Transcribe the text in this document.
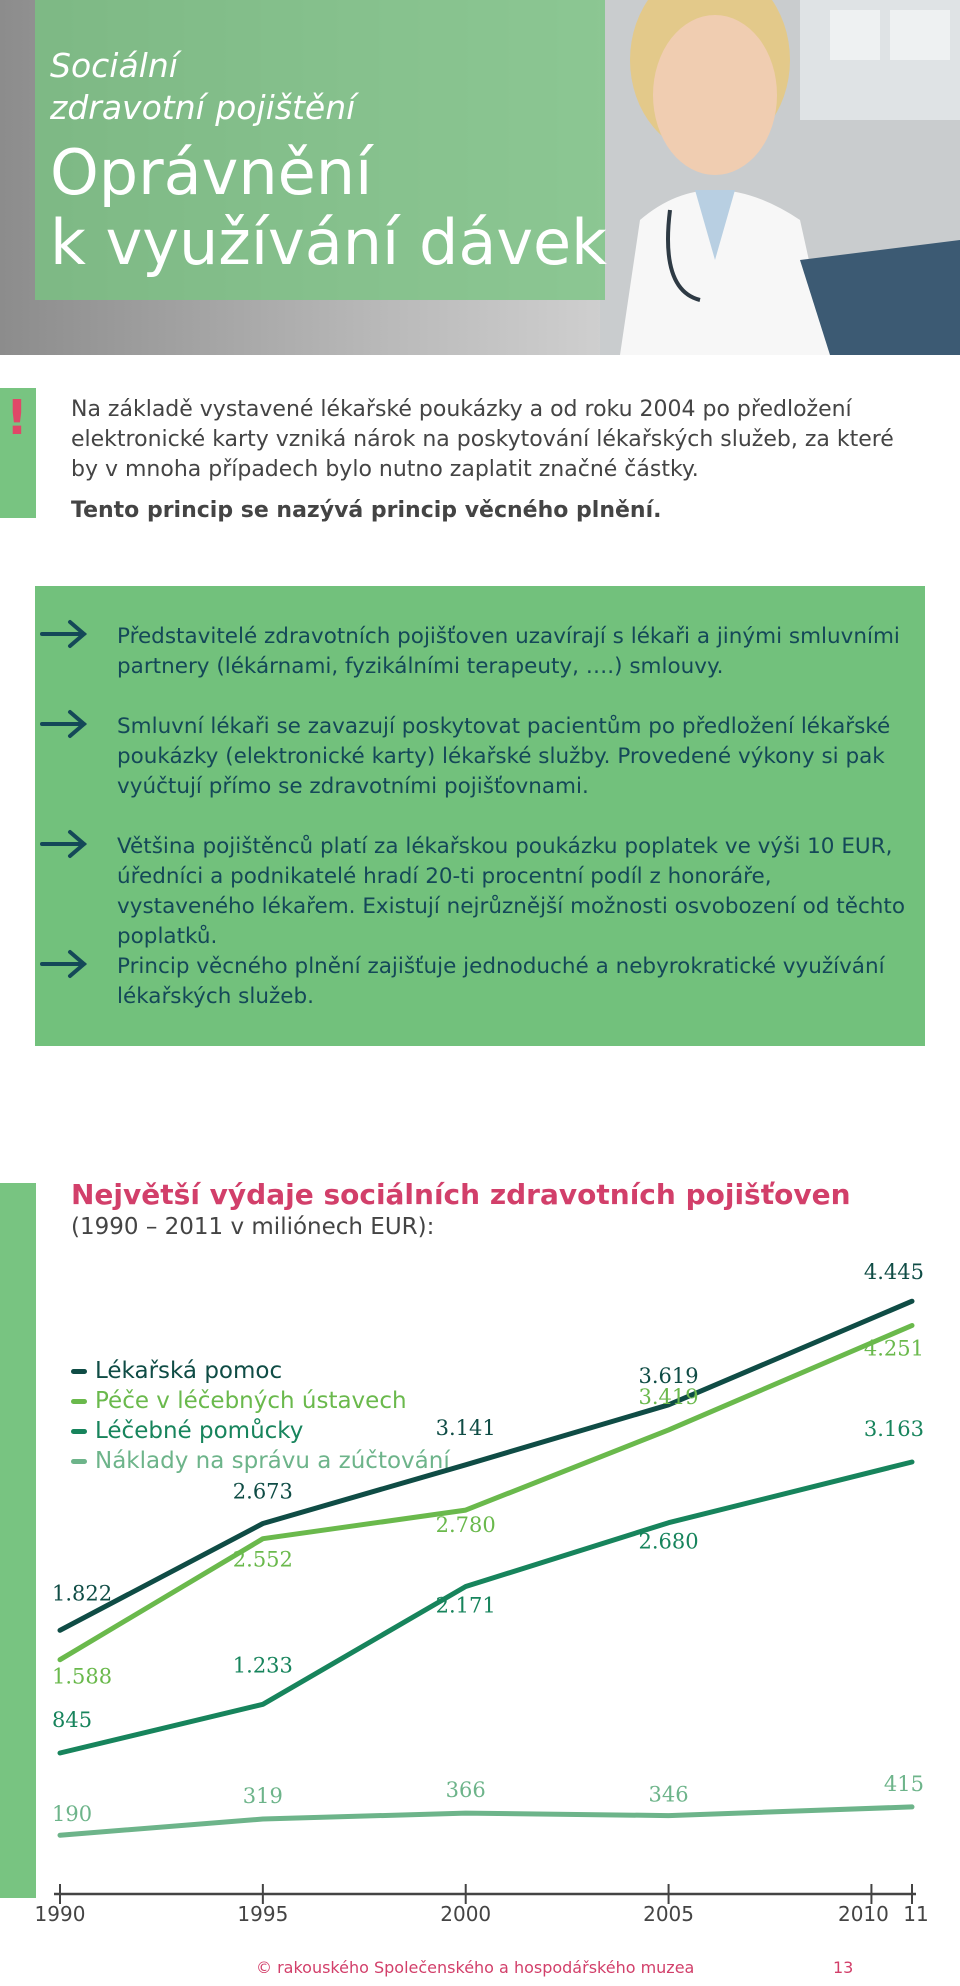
Sociální
zdravotní pojištění
Oprávnění
k využívání dávek
! Na základě vystavené lékařské poukázky a od roku 2004 po předložení elektronické karty vzniká nárok na poskytování lékařských služeb, za které by v mnoha případech bylo nutno zaplatit značné částky.
Tento princip se nazývá princip věcného plnění.
Představitelé zdravotních pojišťoven uzavírají s lékaři a jinými smluvními partnery (lékárnami, fyzikálními terapeuty, ….) smlouvy.
Smluvní lékaři se zavazují poskytovat pacientům po předložení lékařské poukázky (elektronické karty) lékařské služby. Provedené výkony si pak vyúčtují přímo se zdravotními pojišťovnami.
Většina pojištěnců platí za lékařskou poukázku poplatek ve výši 10 EUR, úředníci a podnikatelé hradí 20-ti procentní podíl z honoráře, vystaveného lékařem. Existují nejrůznější možnosti osvobození od těchto poplatků.
Princip věcného plnění zajišťuje jednoduché a nebyrokratické využívání lékařských služeb.
Největší výdaje sociálních zdravotních pojišťoven
(1990 – 2011 v miliónech EUR):
Lékařská pomoc
Péče v léčebných ústavech
Léčebné pomůcky
Náklady na správu a zúčtování
1990	1995	2000	2005	2010 11
1.822
2.673
3.141
3.619
4.445
1.588
2.552
2.780
3.419
4.251
845
1.233
2.171
2.680
3.163
190
319	366	346	415
© rakouského Společenského a hospodářského muzea	13
